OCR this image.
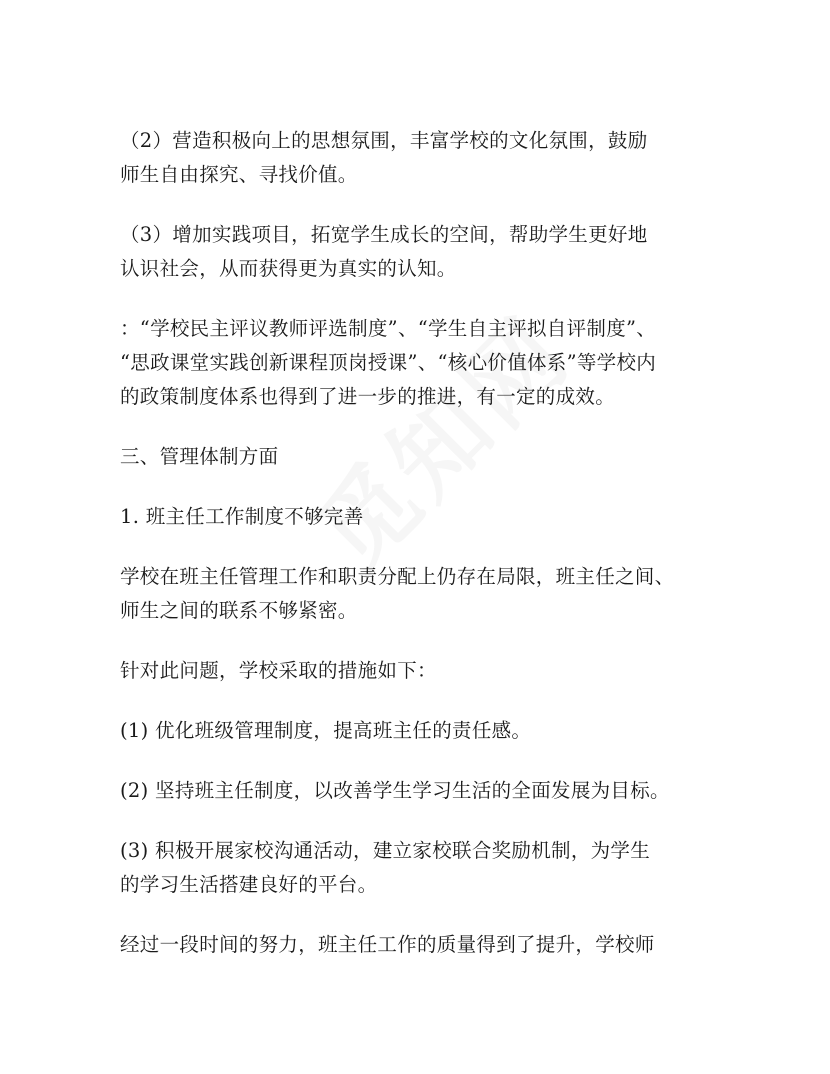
（2）营造积极向上的思想氛围，丰富学校的文化氛围，鼓励
师生自由探究、寻找价值。

（3）增加实践项目，拓宽学生成长的空间，帮助学生更好地
认识社会，从而获得更为真实的认知。

：“学校民主评议教师评选制度”、“学生自主评拟自评制度”、
“思政课堂实践创新课程顶岗授课”、“核心价值体系”等学校内
的政策制度体系也得到了进一步的推进，有一定的成效。

三、管理体制方面

1. 班主任工作制度不够完善

学校在班主任管理工作和职责分配上仍存在局限，班主任之间、
师生之间的联系不够紧密。

针对此问题，学校采取的措施如下：

(1) 优化班级管理制度，提高班主任的责任感。

(2) 坚持班主任制度，以改善学生学习生活的全面发展为目标。

(3) 积极开展家校沟通活动，建立家校联合奖励机制，为学生
的学习生活搭建良好的平台。

经过一段时间的努力，班主任工作的质量得到了提升，学校师
